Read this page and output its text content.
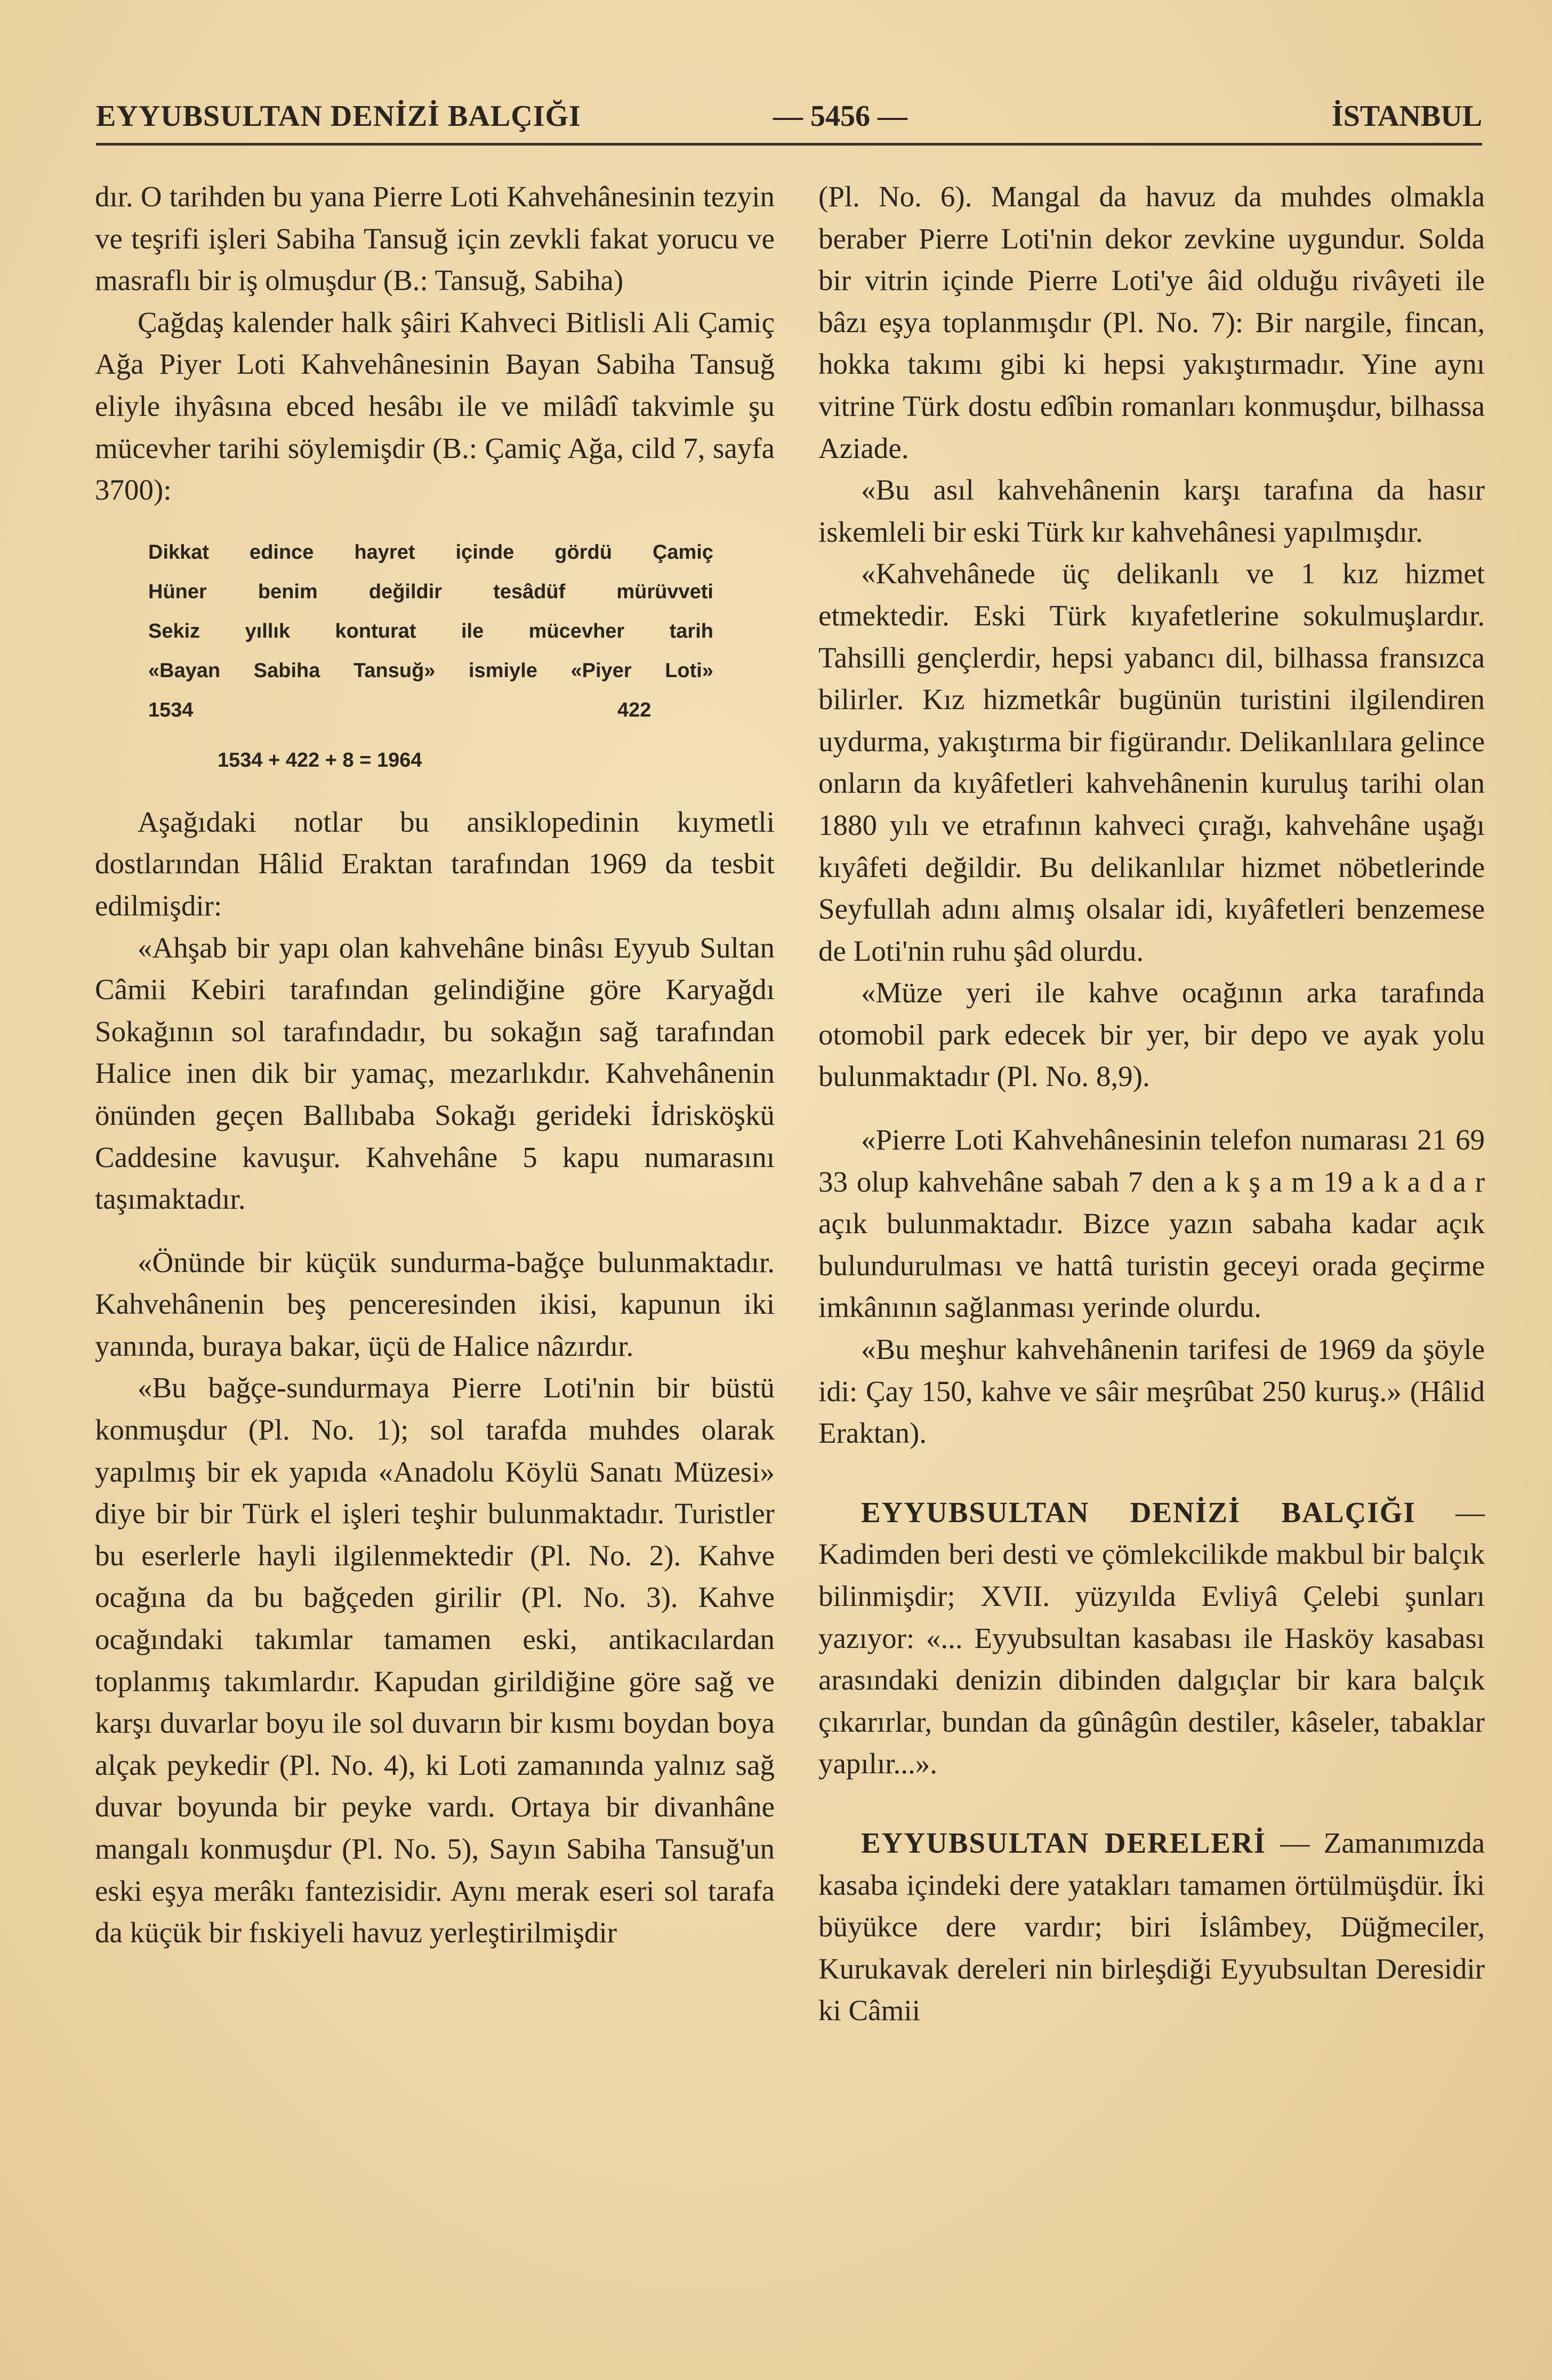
EYYUBSULTAN DENİZİ BALÇIĞI	— 5456 —	İSTANBUL

dır. O tarihden bu yana Pierre Loti Kahvehânesinin tezyin ve teşrifi işleri Sabiha Tansuğ için zevkli fakat yorucu ve masraflı bir iş olmuşdur (B.: Tansuğ, Sabiha)

Çağdaş kalender halk şâiri Kahveci Bitlisli Ali Çamiç Ağa Piyer Loti Kahvehânesinin Bayan Sabiha Tansuğ eliyle ihyâsına ebced hesâbı ile ve milâdî takvimle şu mücevher tarihi söylemişdir (B.: Çamiç Ağa, cild 7, sayfa 3700):

Dikkat edince hayret içinde gördü Çamiç
Hüner benim değildir tesâdüf mürüvveti
Sekiz yıllık konturat ile mücevher tarih
«Bayan Sabiha Tansuğ» ismiyle «Piyer Loti»
1534	422
1534 + 422 + 8 = 1964

Aşağıdaki notlar bu ansiklopedinin kıymetli dostlarından Hâlid Eraktan tarafından 1969 da tesbit edilmişdir:

«Ahşab bir yapı olan kahvehâne binâsı Eyyub Sultan Câmii Kebiri tarafından gelindiğine göre Karyağdı Sokağının sol tarafındadır, bu sokağın sağ tarafından Halice inen dik bir yamaç, mezarlıkdır. Kahvehânenin önünden geçen Ballıbaba Sokağı gerideki İdrisköşkü Caddesine kavuşur. Kahvehâne 5 kapu numarasını taşımaktadır.

«Önünde bir küçük sundurma-bağçe bulunmaktadır. Kahvehânenin beş penceresinden ikisi, kapunun iki yanında, buraya bakar, üçü de Halice nâzırdır.

«Bu bağçe-sundurmaya Pierre Loti'nin bir büstü konmuşdur (Pl. No. 1); sol tarafda muhdes olarak yapılmış bir ek yapıda «Anadolu Köylü Sanatı Müzesi» diye bir bir Türk el işleri teşhir bulunmaktadır. Turistler bu eserlerle hayli ilgilenmektedir (Pl. No. 2). Kahve ocağına da bu bağçeden girilir (Pl. No. 3). Kahve ocağındaki takımlar tamamen eski, antikacılardan toplanmış takımlardır. Kapudan girildiğine göre sağ ve karşı duvarlar boyu ile sol duvarın bir kısmı boydan boya alçak peykedir (Pl. No. 4), ki Loti zamanında yalnız sağ duvar boyunda bir peyke vardı. Ortaya bir divanhâne mangalı konmuşdur (Pl. No. 5), Sayın Sabiha Tansuğ'un eski eşya merâkı fantezisidir. Aynı merak eseri sol tarafa da küçük bir fıskiyeli havuz yerleştirilmişdir

(Pl. No. 6). Mangal da havuz da muhdes olmakla beraber Pierre Loti'nin dekor zevkine uygundur. Solda bir vitrin içinde Pierre Loti'ye âid olduğu rivâyeti ile bâzı eşya toplanmışdır (Pl. No. 7): Bir nargile, fincan, hokka takımı gibi ki hepsi yakıştırmadır. Yine aynı vitrine Türk dostu edîbin romanları konmuşdur, bilhassa Aziade.

«Bu asıl kahvehânenin karşı tarafına da hasır iskemleli bir eski Türk kır kahvehânesi yapılmışdır.

«Kahvehânede üç delikanlı ve 1 kız hizmet etmektedir. Eski Türk kıyafetlerine sokulmuşlardır. Tahsilli gençlerdir, hepsi yabancı dil, bilhassa fransızca bilirler. Kız hizmetkâr bugünün turistini ilgilendiren uydurma, yakıştırma bir figürandır. Delikanlılara gelince onların da kıyâfetleri kahvehânenin kuruluş tarihi olan 1880 yılı ve etrafının kahveci çırağı, kahvehâne uşağı kıyâfeti değildir. Bu delikanlılar hizmet nöbetlerinde Seyfullah adını almış olsalar idi, kıyâfetleri benzemese de Loti'nin ruhu şâd olurdu.

«Müze yeri ile kahve ocağının arka tarafında otomobil park edecek bir yer, bir depo ve ayak yolu bulunmaktadır (Pl. No. 8,9).

«Pierre Loti Kahvehânesinin telefon numarası 21 69 33 olup kahvehâne sabah 7 den a k ş a m 19 a k a d a r açık bulunmaktadır. Bizce yazın sabaha kadar açık bulundurulması ve hattâ turistin geceyi orada geçirme imkânının sağlanması yerinde olurdu.

«Bu meşhur kahvehânenin tarifesi de 1969 da şöyle idi: Çay 150, kahve ve sâir meşrûbat 250 kuruş.» (Hâlid Eraktan).

EYYUBSULTAN DENİZİ BALÇIĞI — Kadimden beri desti ve çömlekcilikde makbul bir balçık bilinmişdir; XVII. yüzyılda Evliyâ Çelebi şunları yazıyor: «... Eyyubsultan kasabası ile Hasköy kasabası arasındaki denizin dibinden dalgıçlar bir kara balçık çıkarırlar, bundan da gûnâgûn destiler, kâseler, tabaklar yapılır...».

EYYUBSULTAN DERELERİ — Zamanımızda kasaba içindeki dere yatakları tamamen örtülmüşdür. İki büyükce dere vardır; biri İslâmbey, Düğmeciler, Kurukavak dereleri nin birleşdiği Eyyubsultan Deresidir ki Câmii
